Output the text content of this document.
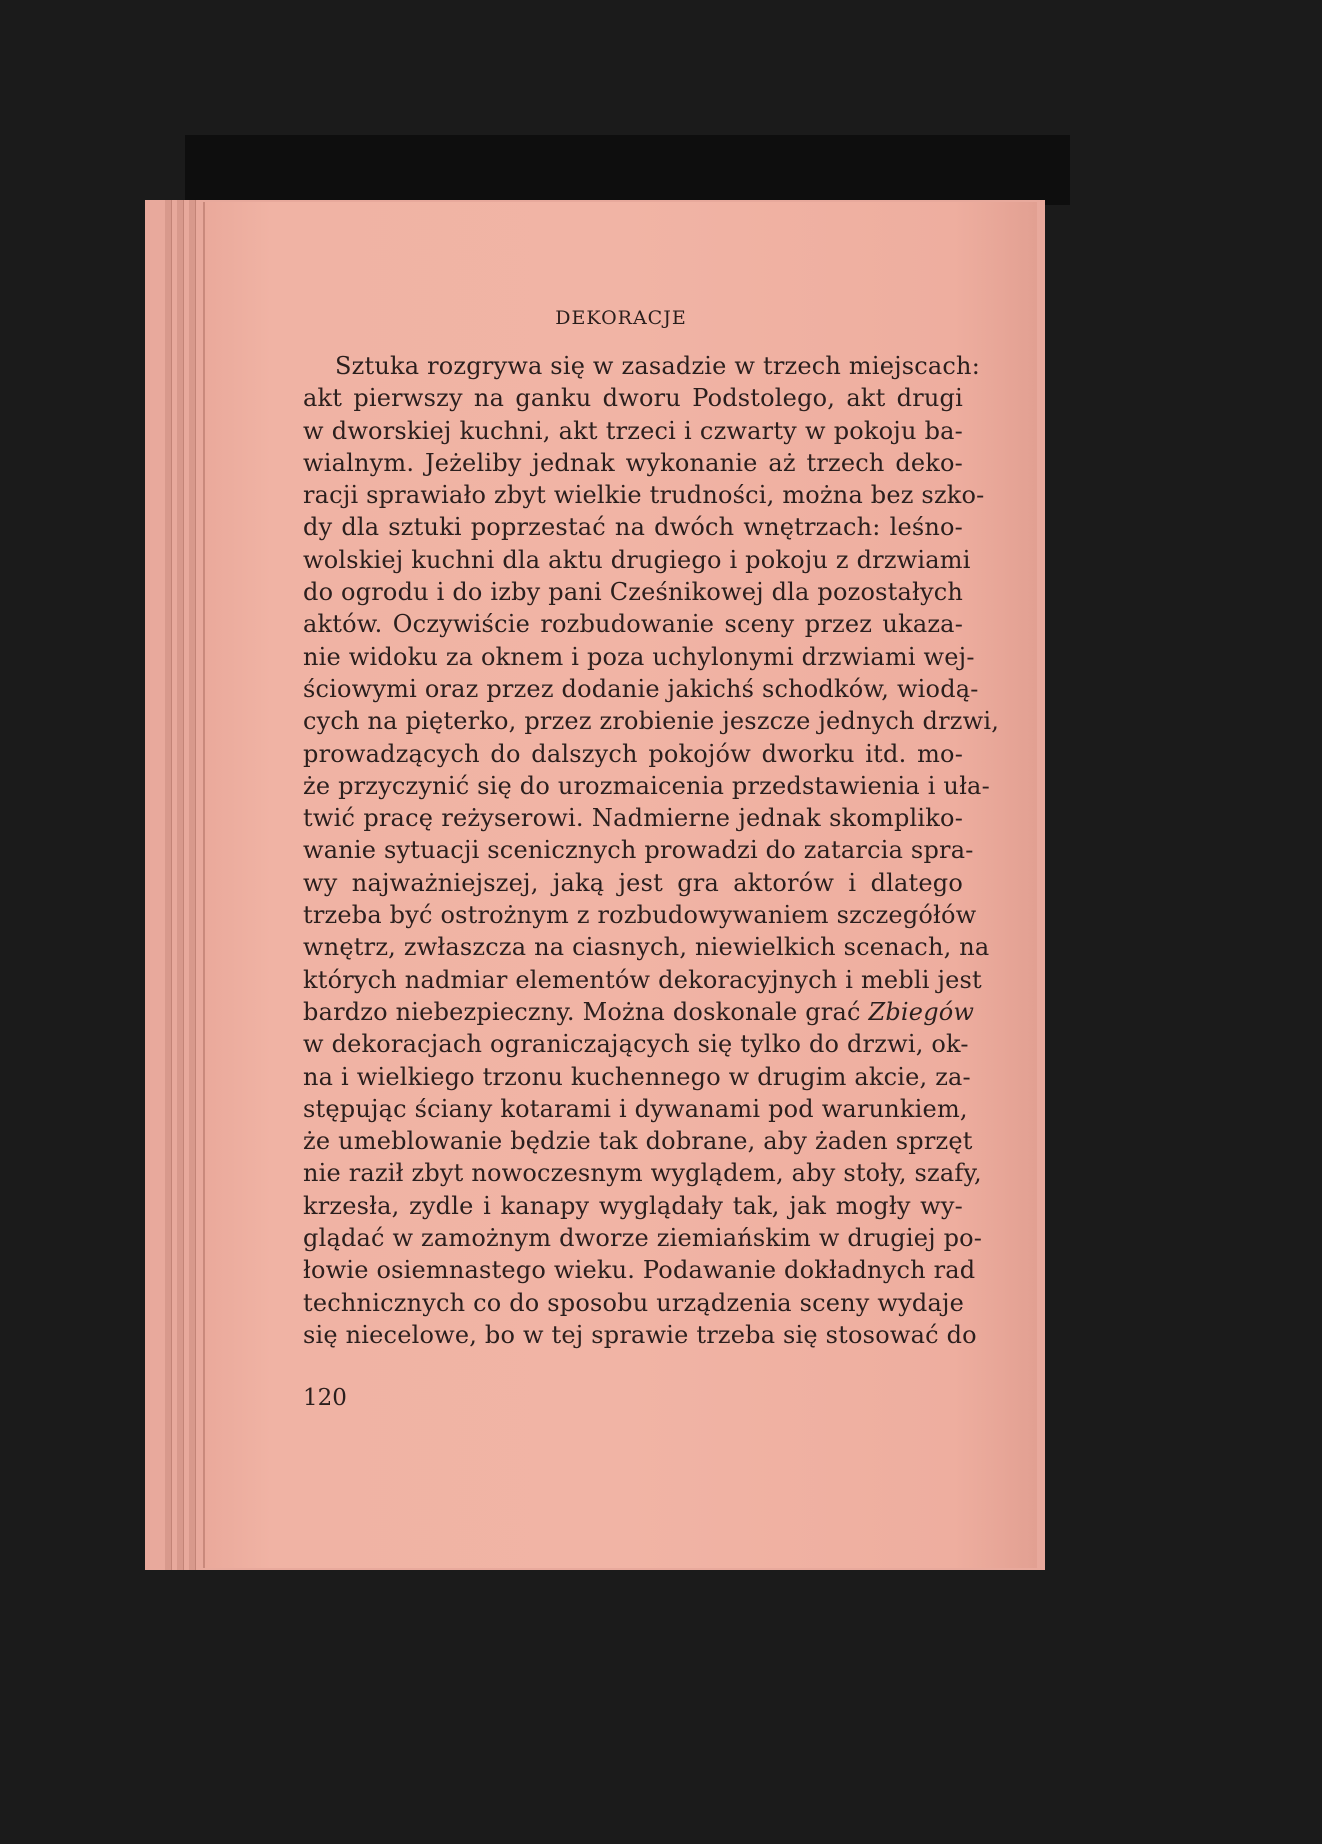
DEKORACJE
Sztuka rozgrywa się w zasadzie w trzech miejscach:
akt pierwszy na ganku dworu Podstolego, akt drugi
w dworskiej kuchni, akt trzeci i czwarty w pokoju ba-
wialnym. Jeżeliby jednak wykonanie aż trzech deko-
racji sprawiało zbyt wielkie trudności, można bez szko-
dy dla sztuki poprzestać na dwóch wnętrzach: leśno-
wolskiej kuchni dla aktu drugiego i pokoju z drzwiami
do ogrodu i do izby pani Cześnikowej dla pozostałych
aktów. Oczywiście rozbudowanie sceny przez ukaza-
nie widoku za oknem i poza uchylonymi drzwiami wej-
ściowymi oraz przez dodanie jakichś schodków, wiodą-
cych na pięterko, przez zrobienie jeszcze jednych drzwi,
prowadzących do dalszych pokojów dworku itd. mo-
że przyczynić się do urozmaicenia przedstawienia i uła-
twić pracę reżyserowi. Nadmierne jednak skompliko-
wanie sytuacji scenicznych prowadzi do zatarcia spra-
wy najważniejszej, jaką jest gra aktorów i dlatego
trzeba być ostrożnym z rozbudowywaniem szczegółów
wnętrz, zwłaszcza na ciasnych, niewielkich scenach, na
których nadmiar elementów dekoracyjnych i mebli jest
bardzo niebezpieczny. Można doskonale grać Zbiegów
w dekoracjach ograniczających się tylko do drzwi, ok-
na i wielkiego trzonu kuchennego w drugim akcie, za-
stępując ściany kotarami i dywanami pod warunkiem,
że umeblowanie będzie tak dobrane, aby żaden sprzęt
nie raził zbyt nowoczesnym wyglądem, aby stoły, szafy,
krzesła, zydle i kanapy wyglądały tak, jak mogły wy-
glądać w zamożnym dworze ziemiańskim w drugiej po-
łowie osiemnastego wieku. Podawanie dokładnych rad
technicznych co do sposobu urządzenia sceny wydaje
się niecelowe, bo w tej sprawie trzeba się stosować do
120
